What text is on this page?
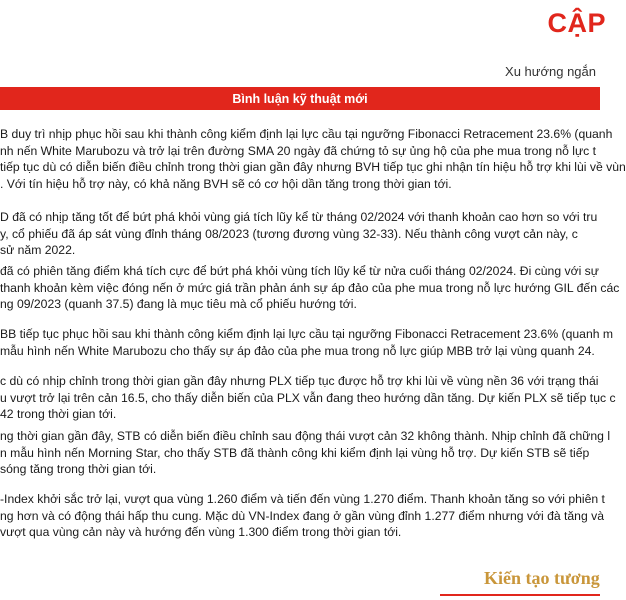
CẬP
Xu hướng ngắn
Bình luận kỹ thuật mới
B duy trì nhịp phục hồi sau khi thành công kiểm định lại lực cầu tại ngưỡng Fibonacci Retracement 23.6% (quanh
nh nến White Marubozu và trở lại trên đường SMA 20 ngày đã chứng tỏ sự ủng hộ của phe mua trong nỗ lực t
tiếp tục dù có diễn biến điều chỉnh trong thời gian gần đây nhưng BVH tiếp tục ghi nhận tín hiệu hỗ trợ khi lùi về vùn
. Với tín hiệu hỗ trợ này, có khả năng BVH sẽ có cơ hội dần tăng trong thời gian tới.
D đã có nhịp tăng tốt để bứt phá khỏi vùng giá tích lũy kể từ tháng 02/2024 với thanh khoản cao hơn so với tru
y, cổ phiếu đã áp sát vùng đỉnh tháng 08/2023 (tương đương vùng 32-33). Nếu thành công vượt cản này, c
sử năm 2022.
đã có phiên tăng điểm khá tích cực để bứt phá khỏi vùng tích lũy kể từ nửa cuối tháng 02/2024. Đi cùng với sự
thanh khoản kèm việc đóng nến ở mức giá trần phản ánh sự áp đảo của phe mua trong nỗ lực hướng GIL đến các
ng 09/2023 (quanh 37.5) đang là mục tiêu mà cổ phiếu hướng tới.
BB tiếp tục phục hồi sau khi thành công kiểm định lại lực cầu tại ngưỡng Fibonacci Retracement 23.6% (quanh m
mẫu hình nến White Marubozu cho thấy sự áp đảo của phe mua trong nỗ lực giúp MBB trở lại vùng quanh 24.
c dù có nhịp chỉnh trong thời gian gần đây nhưng PLX tiếp tục được hỗ trợ khi lùi về vùng nền 36 với trạng thái
u vượt trở lại trên cản 16.5, cho thấy diễn biến của PLX vẫn đang theo hướng dần tăng. Dự kiến PLX sẽ tiếp tục c
42 trong thời gian tới.
ng thời gian gần đây, STB có diễn biến điều chỉnh sau động thái vượt cản 32 không thành. Nhịp chỉnh đã chững l
n mẫu hình nến Morning Star, cho thấy STB đã thành công khi kiểm định lại vùng hỗ trợ. Dự kiến STB sẽ tiếp
sóng tăng trong thời gian tới.
-Index khởi sắc trở lại, vượt qua vùng 1.260 điểm và tiến đến vùng 1.270 điểm. Thanh khoản tăng so với phiên t
ng hơn và có động thái hấp thu cung. Mặc dù VN-Index đang ở gần vùng đỉnh 1.277 điểm nhưng với đà tăng và
vượt qua vùng cản này và hướng đến vùng 1.300 điểm trong thời gian tới.
Kiến tạo tương
